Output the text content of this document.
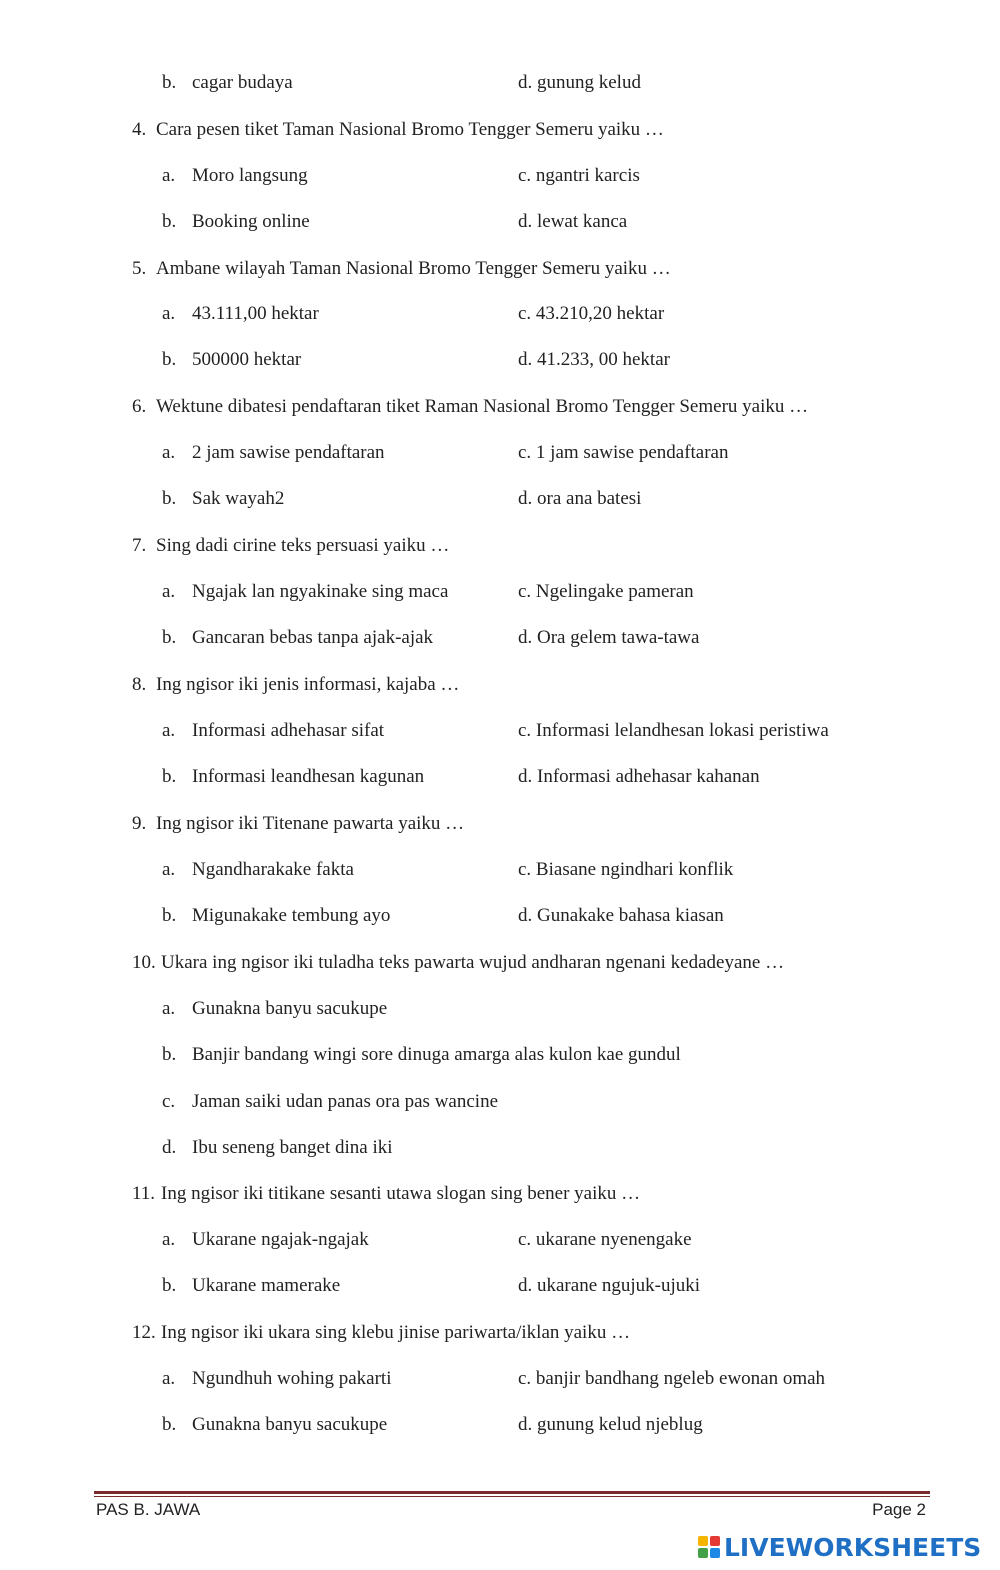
b. cagar budaya	d. gunung kelud
4. Cara pesen tiket Taman Nasional Bromo Tengger Semeru yaiku …
a. Moro langsung	c. ngantri karcis
b. Booking online	d. lewat kanca
5. Ambane wilayah Taman Nasional Bromo Tengger Semeru yaiku …
a. 43.111,00 hektar	c. 43.210,20 hektar
b. 500000 hektar	d. 41.233, 00 hektar
6. Wektune dibatesi pendaftaran tiket Raman Nasional Bromo Tengger Semeru yaiku …
a. 2 jam sawise pendaftaran	c. 1 jam sawise pendaftaran
b. Sak wayah2	d. ora ana batesi
7. Sing dadi cirine teks persuasi yaiku …
a. Ngajak lan ngyakinake sing maca	c. Ngelingake pameran
b. Gancaran bebas tanpa ajak-ajak	d. Ora gelem tawa-tawa
8. Ing ngisor iki jenis informasi, kajaba …
a. Informasi adhehasar sifat	c. Informasi lelandhesan lokasi peristiwa
b. Informasi leandhesan kagunan	d. Informasi adhehasar kahanan
9. Ing ngisor iki Titenane pawarta yaiku …
a. Ngandharakake fakta	c. Biasane ngindhari konflik
b. Migunakake tembung ayo	d. Gunakake bahasa kiasan
10. Ukara ing ngisor iki tuladha teks pawarta wujud andharan ngenani kedadeyane …
a. Gunakna banyu sacukupe
b. Banjir bandang wingi sore dinuga amarga alas kulon kae gundul
c. Jaman saiki udan panas ora pas wancine
d. Ibu seneng banget dina iki
11. Ing ngisor iki titikane sesanti utawa slogan sing bener yaiku …
a. Ukarane ngajak-ngajak	c. ukarane nyenengake
b. Ukarane mamerake	d. ukarane ngujuk-ujuki
12. Ing ngisor iki ukara sing klebu jinise pariwarta/iklan yaiku …
a. Ngundhuh wohing pakarti	c. banjir bandhang ngeleb ewonan omah
b. Gunakna banyu sacukupe	d. gunung kelud njeblug
PAS B. JAWA	Page 2
LIVEWORKSHEETS
